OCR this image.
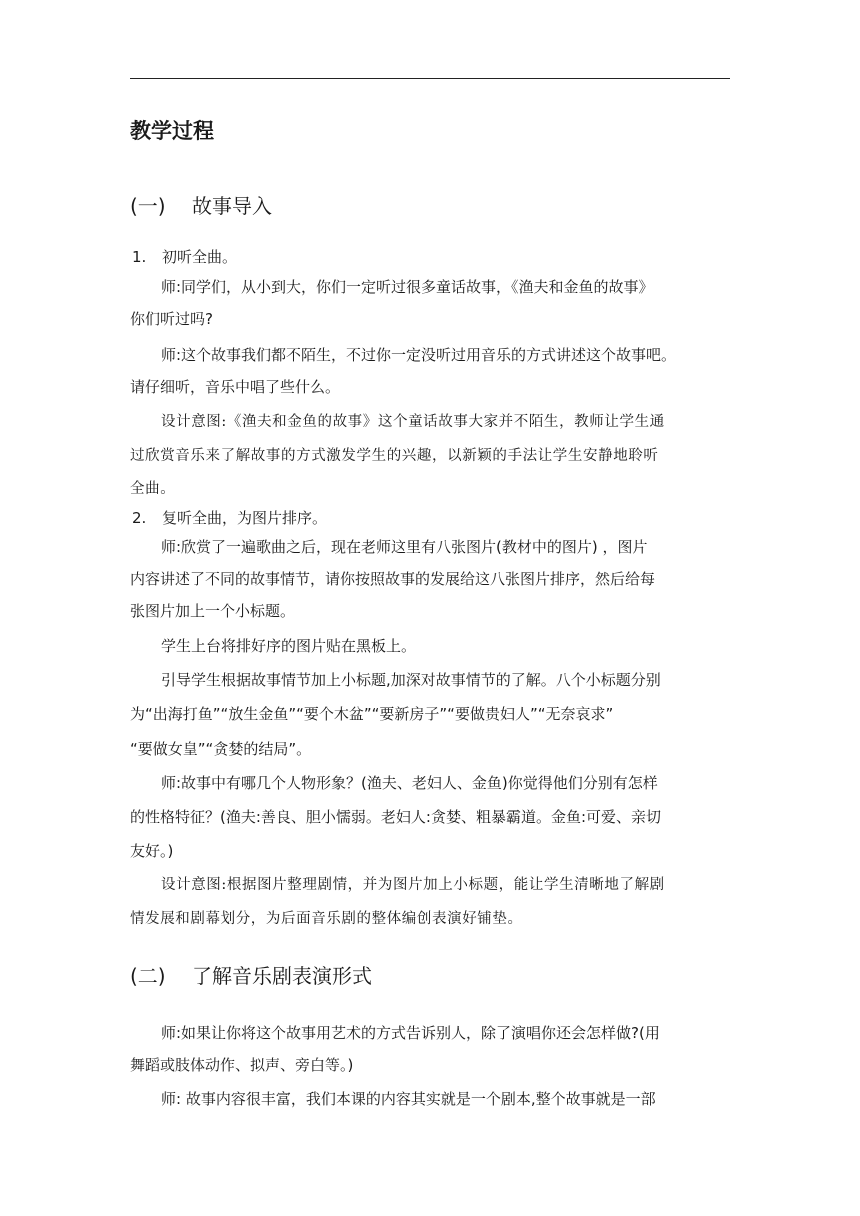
教学过程
(一) 故事导入
1. 初听全曲。
师:同学们，从小到大，你们一定听过很多童话故事，《渔夫和金鱼的故事》
你们听过吗?
师:这个故事我们都不陌生，不过你一定没听过用音乐的方式讲述这个故事吧。
请仔细听，音乐中唱了些什么。
设计意图:《渔夫和金鱼的故事》这个童话故事大家并不陌生，教师让学生通
过欣赏音乐来了解故事的方式激发学生的兴趣，以新颖的手法让学生安静地聆听
全曲。
2. 复听全曲，为图片排序。
师:欣赏了一遍歌曲之后，现在老师这里有八张图片(教材中的图片) ，图片
内容讲述了不同的故事情节，请你按照故事的发展给这八张图片排序，然后给每
张图片加上一个小标题。
学生上台将排好序的图片贴在黑板上。
引导学生根据故事情节加上小标题,加深对故事情节的了解。八个小标题分别
为“出海打鱼”“放生金鱼”“要个木盆”“要新房子”“要做贵妇人”“无奈哀求”
“要做女皇”“贪婪的结局”。
师:故事中有哪几个人物形象？(渔夫、老妇人、金鱼)你觉得他们分别有怎样
的性格特征？(渔夫:善良、胆小懦弱。老妇人:贪婪、粗暴霸道。金鱼:可爱、亲切
友好。)
设计意图:根据图片整理剧情，并为图片加上小标题，能让学生清晰地了解剧
情发展和剧幕划分，为后面音乐剧的整体编创表演好铺垫。
(二) 了解音乐剧表演形式
师:如果让你将这个故事用艺术的方式告诉别人，除了演唱你还会怎样做?(用
舞蹈或肢体动作、拟声、旁白等。)
师: 故事内容很丰富，我们本课的内容其实就是一个剧本,整个故事就是一部
